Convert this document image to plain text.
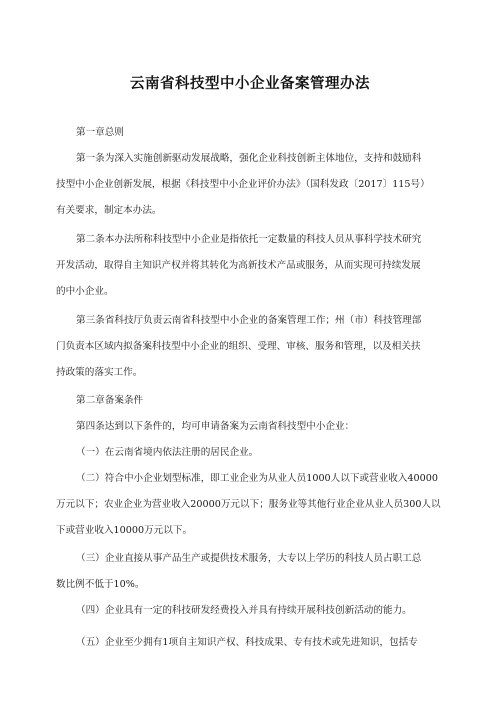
云南省科技型中小企业备案管理办法
第一章总则
第一条为深入实施创新驱动发展战略，强化企业科技创新主体地位，支持和鼓励科
技型中小企业创新发展，根据《科技型中小企业评价办法》（国科发政〔2017〕115号）
有关要求，制定本办法。
第二条本办法所称科技型中小企业是指依托一定数量的科技人员从事科学技术研究
开发活动，取得自主知识产权并将其转化为高新技术产品或服务，从而实现可持续发展
的中小企业。
第三条省科技厅负责云南省科技型中小企业的备案管理工作；州（市）科技管理部
门负责本区域内拟备案科技型中小企业的组织、受理、审核、服务和管理，以及相关扶
持政策的落实工作。
第二章备案条件
第四条达到以下条件的，均可申请备案为云南省科技型中小企业：
（一）在云南省境内依法注册的居民企业。
（二）符合中小企业划型标准，即工业企业为从业人员1000人以下或营业收入40000
万元以下；农业企业为营业收入20000万元以下；服务业等其他行业企业从业人员300人以
下或营业收入10000万元以下。
（三）企业直接从事产品生产或提供技术服务，大专以上学历的科技人员占职工总
数比例不低于10%。
（四）企业具有一定的科技研发经费投入并具有持续开展科技创新活动的能力。
（五）企业至少拥有1项自主知识产权、科技成果、专有技术或先进知识，包括专
